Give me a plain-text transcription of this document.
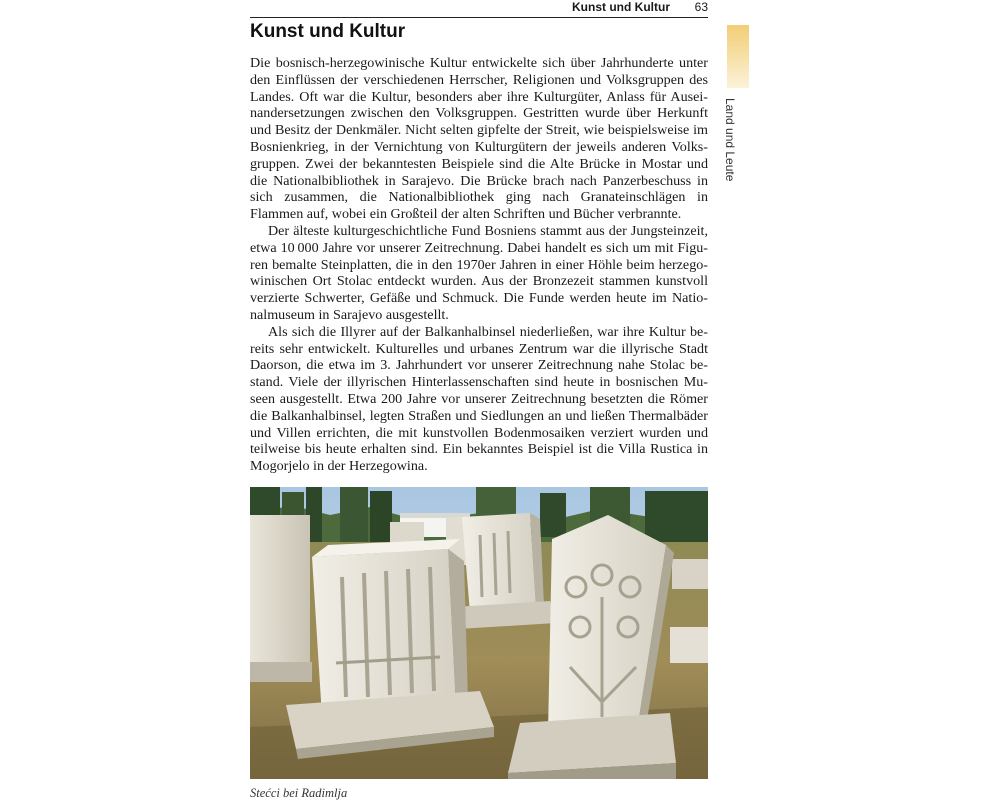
Kunst und Kultur 63
Land und Leute
Kunst und Kultur

Die bosnisch-herzegowinische Kultur entwickelte sich über Jahrhunderte unter den Einflüssen der verschiedenen Herrscher, Religionen und Volksgruppen des Landes. Oft war die Kultur, besonders aber ihre Kulturgüter, Anlass für Auseinandersetzungen zwischen den Volksgruppen. Gestritten wurde über Herkunft und Besitz der Denkmäler. Nicht selten gipfelte der Streit, wie beispielsweise im Bosnienkrieg, in der Vernichtung von Kulturgütern der jeweils anderen Volksgruppen. Zwei der bekanntesten Beispiele sind die Alte Brücke in Mostar und die Nationalbibliothek in Sarajevo. Die Brücke brach nach Panzerbeschuss in sich zusammen, die Nationalbibliothek ging nach Granateinschlägen in Flammen auf, wobei ein Großteil der alten Schriften und Bücher verbrannte.

Der älteste kulturgeschichtliche Fund Bosniens stammt aus der Jungsteinzeit, etwa 10 000 Jahre vor unserer Zeitrechnung. Dabei handelt es sich um mit Figuren bemalte Steinplatten, die in den 1970er Jahren in einer Höhle beim herzegowinischen Ort Stolac entdeckt wurden. Aus der Bronzezeit stammen kunstvoll verzierte Schwerter, Gefäße und Schmuck. Die Funde werden heute im Nationalmuseum in Sarajevo ausgestellt.

Als sich die Illyrer auf der Balkanhalbinsel niederließen, war ihre Kultur bereits sehr entwickelt. Kulturelles und urbanes Zentrum war die illyrische Stadt Daorson, die etwa im 3. Jahrhundert vor unserer Zeitrechnung nahe Stolac bestand. Viele der illyrischen Hinterlassenschaften sind heute in bosnischen Museen ausgestellt. Etwa 200 Jahre vor unserer Zeitrechnung besetzten die Römer die Balkanhalbinsel, legten Straßen und Siedlungen an und ließen Thermalbäder und Villen errichten, die mit kunstvollen Bodenmosaiken verziert wurden und teilweise bis heute erhalten sind. Ein bekanntes Beispiel ist die Villa Rustica in Mogorjelo in der Herzegowina.

Stećci bei Radimlja
